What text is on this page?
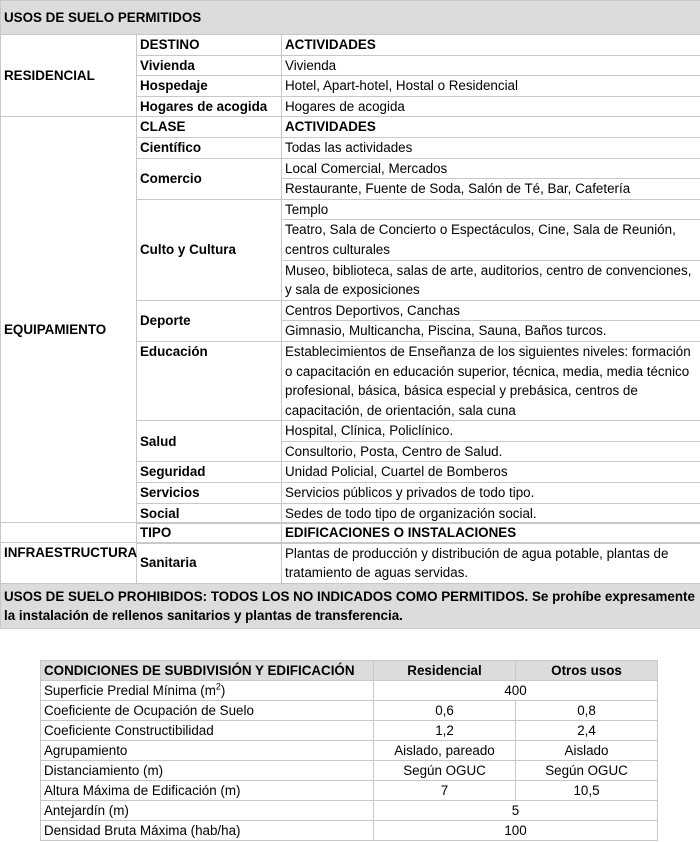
USOS DE SUELO PERMITIDOS		
RESIDENCIAL	DESTINO	ACTIVIDADES
	Vivienda	Vivienda
	Hospedaje	Hotel, Apart-hotel, Hostal o Residencial
	Hogares de acogida	Hogares de acogida
EQUIPAMIENTO	CLASE	ACTIVIDADES
	Científico	Todas las actividades
	Comercio	Local Comercial, Mercados
		Restaurante, Fuente de Soda, Salón de Té, Bar, Cafetería
	Culto y Cultura	Templo
		Teatro, Sala de Concierto o Espectáculos, Cine, Sala de Reunión, centros culturales
		Museo, biblioteca, salas de arte, auditorios, centro de convenciones, y sala de exposiciones
	Deporte	Centros Deportivos, Canchas
		Gimnasio, Multicancha, Piscina, Sauna, Baños turcos.
	Educación	Establecimientos de Enseñanza de los siguientes niveles: formación o capacitación en educación superior, técnica, media, media técnico profesional, básica, básica especial y prebásica, centros de capacitación, de orientación, sala cuna
	Salud	Hospital, Clínica, Policlínico.
		Consultorio, Posta, Centro de Salud.
	Seguridad	Unidad Policial, Cuartel de Bomberos
	Servicios	Servicios públicos y privados de todo tipo.
	Social	Sedes de todo tipo de organización social.

INFRAESTRUCTURA	TIPO	EDIFICACIONES O INSTALACIONES
	Sanitaria	Plantas de producción y distribución de agua potable, plantas de tratamiento de aguas servidas.
USOS DE SUELO PROHIBIDOS: TODOS LOS NO INDICADOS COMO PERMITIDOS. Se prohíbe expresamente la instalación de rellenos sanitarios y plantas de transferencia.		
CONDICIONES DE SUBDIVISIÓN Y EDIFICACIÓN	Residencial	Otros usos
Superficie Predial Mínima $(m^2)$	400	
Coeficiente de Ocupación de Suelo	0,6	0,8
Coeficiente Constructibilidad	1,2	2,4
Agrupamiento	Aislado, pareado	Aislado
Distanciamiento (m)	Según OGUC	Según OGUC
Altura Máxima de Edificación (m)	7	10,5
Antejardín (m)	5	
Densidad Bruta Máxima (hab/ha)	100	
